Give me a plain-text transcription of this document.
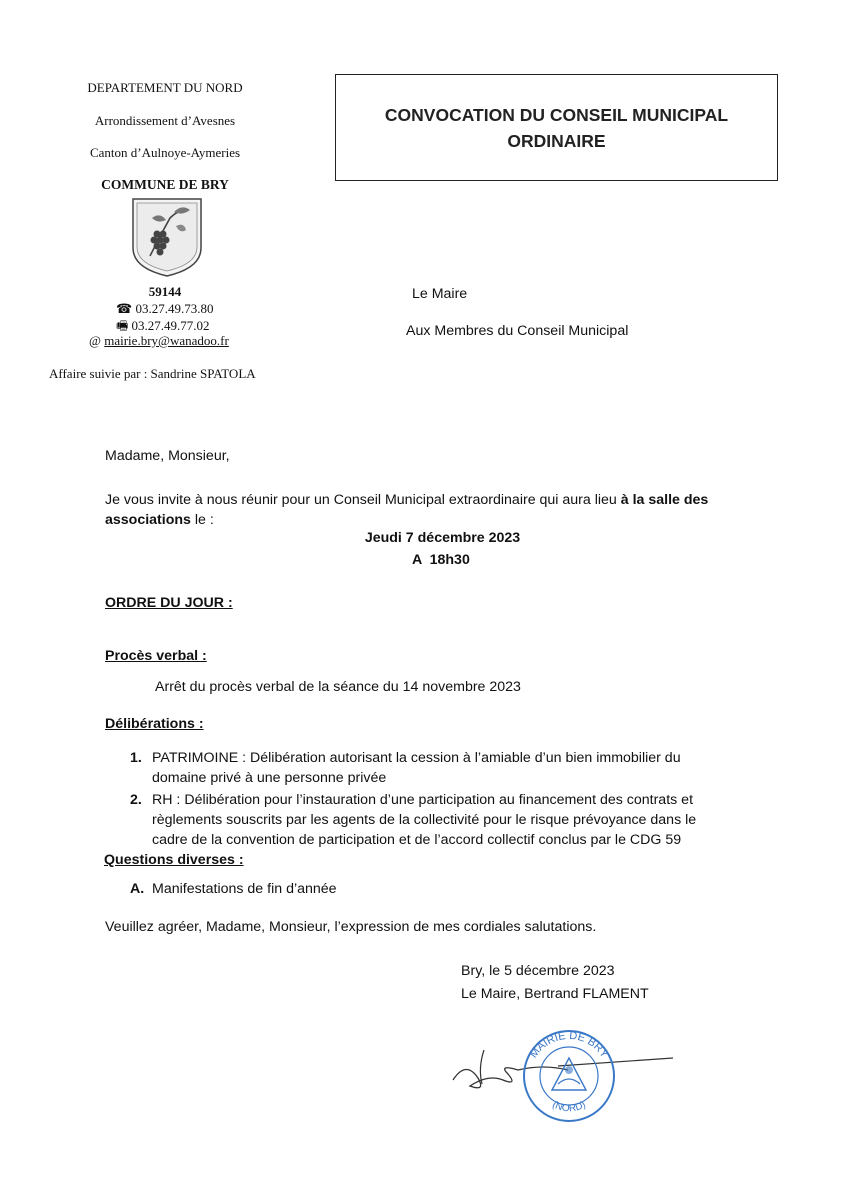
DEPARTEMENT DU NORD
Arrondissement d’Avesnes
Canton d’Aulnoye-Aymeries
COMMUNE DE BRY
59144
☎ 03.27.49.73.80
🖷 03.27.49.77.02
@ mairie.bry@wanadoo.fr
Affaire suivie par : Sandrine SPATOLA
CONVOCATION DU CONSEIL MUNICIPAL
ORDINAIRE
Le Maire
Aux Membres du Conseil Municipal
Madame, Monsieur,
Je vous invite à nous réunir pour un Conseil Municipal extraordinaire qui aura lieu à la salle des
associations le :
Jeudi 7 décembre 2023
A  18h30
ORDRE DU JOUR :
Procès verbal :
Arrêt du procès verbal de la séance du 14 novembre 2023
Délibérations :
1. PATRIMOINE : Délibération autorisant la cession à l’amiable d’un bien immobilier du
domaine privé à une personne privée
2. RH : Délibération pour l’instauration d’une participation au financement des contrats et
règlements souscrits par les agents de la collectivité pour le risque prévoyance dans le
cadre de la convention de participation et de l’accord collectif conclus par le CDG 59
Questions diverses :
A. Manifestations de fin d’année
Veuillez agréer, Madame, Monsieur, l’expression de mes cordiales salutations.
Bry, le 5 décembre 2023
Le Maire, Bertrand FLAMENT
MAIRIE DE BRY
(NORD)
